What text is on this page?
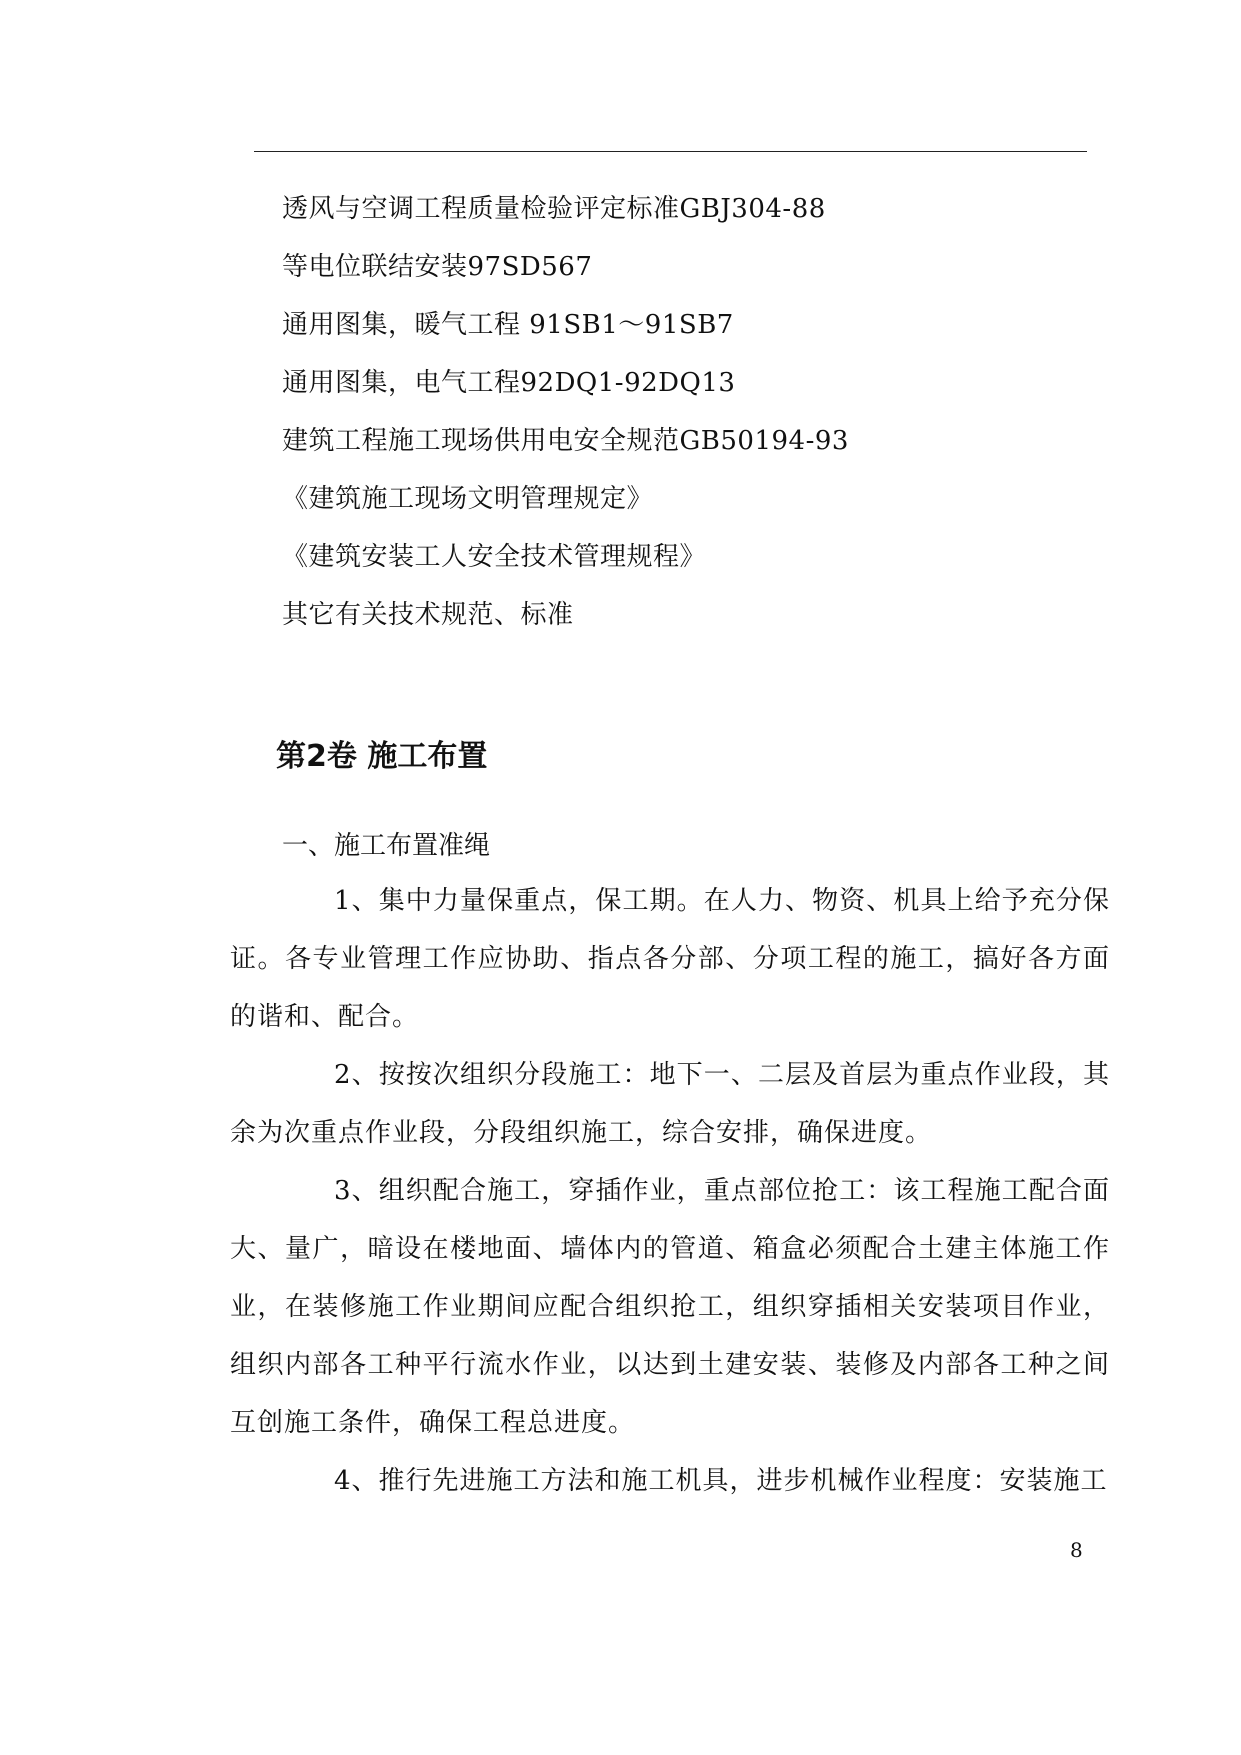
透风与空调工程质量检验评定标准GBJ304-88
等电位联结安装97SD567
通用图集，暖气工程 91SB1～91SB7
通用图集，电气工程92DQ1-92DQ13
建筑工程施工现场供用电安全规范GB50194-93
《建筑施工现场文明管理规定》
《建筑安装工人安全技术管理规程》
其它有关技术规范、标准
第2卷 施工布置
一、施工布置准绳
1、集中力量保重点，保工期。在人力、物资、机具上给予充分保证。各专业管理工作应协助、指点各分部、分项工程的施工，搞好各方面的谐和、配合。
2、按按次组织分段施工：地下一、二层及首层为重点作业段，其余为次重点作业段，分段组织施工，综合安排，确保进度。
3、组织配合施工，穿插作业，重点部位抢工：该工程施工配合面大、量广，暗设在楼地面、墙体内的管道、箱盒必须配合土建主体施工作业，在装修施工作业期间应配合组织抢工，组织穿插相关安装项目作业，组织内部各工种平行流水作业，以达到土建安装、装修及内部各工种之间互创施工条件，确保工程总进度。
4、推行先进施工方法和施工机具，进步机械作业程度：安装施工
8
